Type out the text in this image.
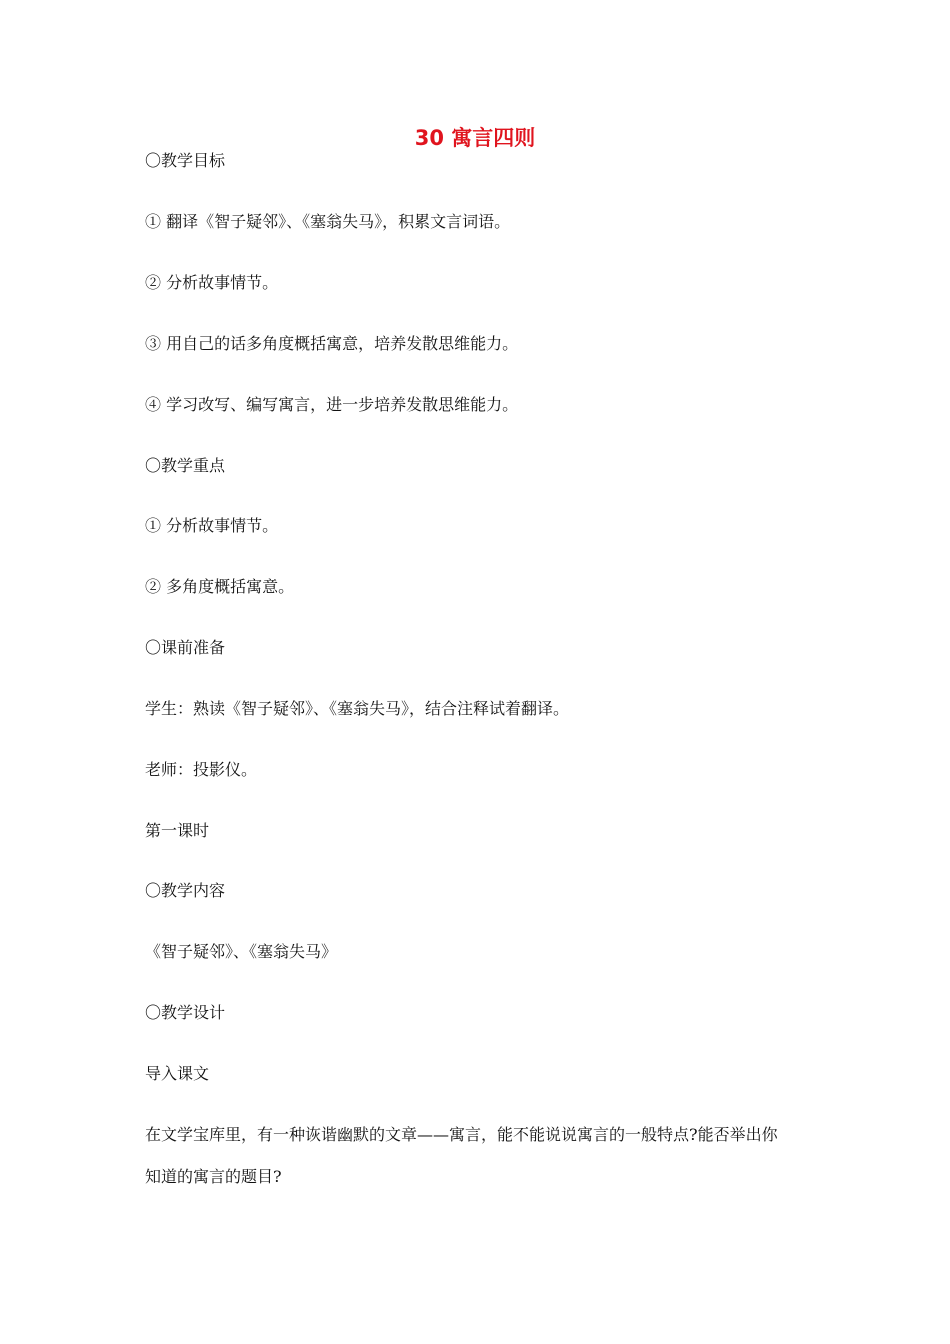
30 寓言四则
〇教学目标
① 翻译《智子疑邻》、《塞翁失马》，积累文言词语。
② 分析故事情节。
③ 用自己的话多角度概括寓意，培养发散思维能力。
④ 学习改写、编写寓言，进一步培养发散思维能力。
〇教学重点
① 分析故事情节。
② 多角度概括寓意。
〇课前准备
学生：熟读《智子疑邻》、《塞翁失马》，结合注释试着翻译。
老师：投影仪。
第一课时
〇教学内容
《智子疑邻》、《塞翁失马》
〇教学设计
导入课文
在文学宝库里，有一种诙谐幽默的文章——寓言，能不能说说寓言的一般特点?能否举出你
知道的寓言的题目?
